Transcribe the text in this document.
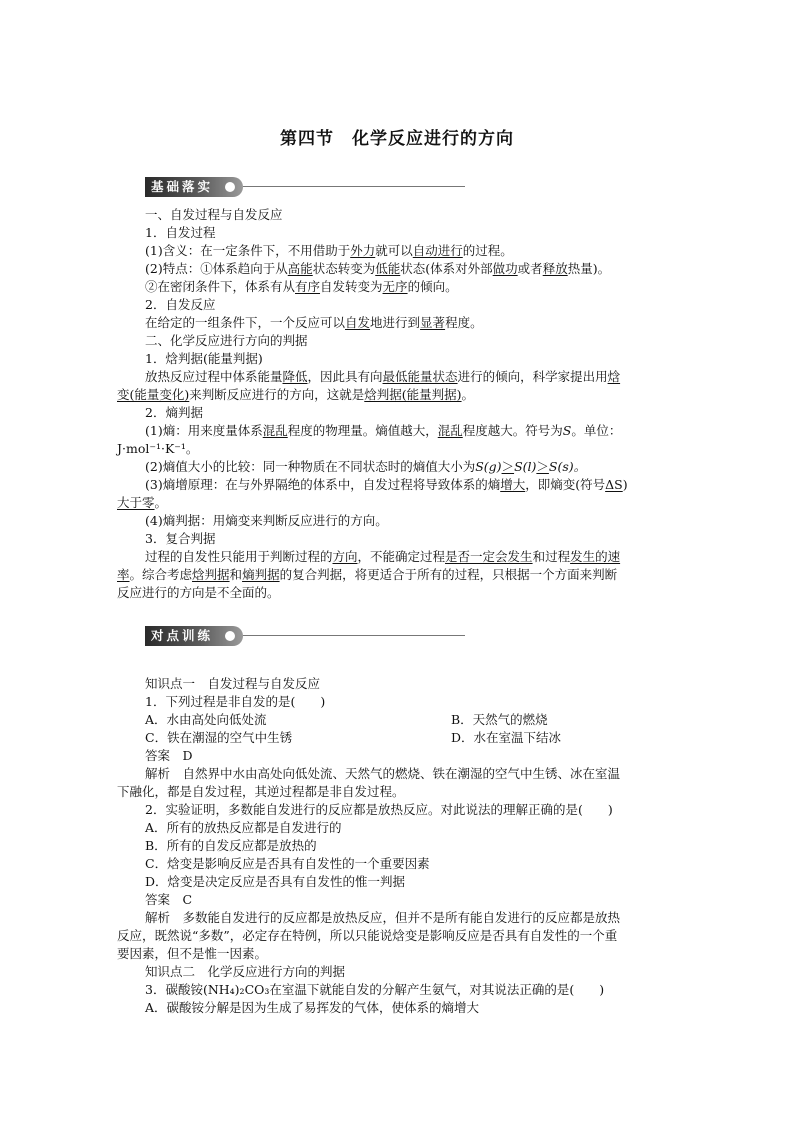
第四节　化学反应进行的方向
基础落实
一、自发过程与自发反应
1．自发过程
(1)含义：在一定条件下，不用借助于外力就可以自动进行的过程。
(2)特点：①体系趋向于从高能状态转变为低能状态(体系对外部做功或者释放热量)。
②在密闭条件下，体系有从有序自发转变为无序的倾向。
2．自发反应
在给定的一组条件下，一个反应可以自发地进行到显著程度。
二、化学反应进行方向的判据
1．焓判据(能量判据)
放热反应过程中体系能量降低，因此具有向最低能量状态进行的倾向，科学家提出用焓
变(能量变化)来判断反应进行的方向，这就是焓判据(能量判据)。
2．熵判据
(1)熵：用来度量体系混乱程度的物理量。熵值越大，混乱程度越大。符号为S。单位：
J·mol⁻¹·K⁻¹。
(2)熵值大小的比较：同一种物质在不同状态时的熵值大小为S(g)＞S(l)＞S(s)。
(3)熵增原理：在与外界隔绝的体系中，自发过程将导致体系的熵增大，即熵变(符号ΔS)
大于零。
(4)熵判据：用熵变来判断反应进行的方向。
3．复合判据
过程的自发性只能用于判断过程的方向，不能确定过程是否一定会发生和过程发生的速
率。综合考虑焓判据和熵判据的复合判据，将更适合于所有的过程，只根据一个方面来判断
反应进行的方向是不全面的。
对点训练
知识点一　自发过程与自发反应
1．下列过程是非自发的是(　　)
A．水由高处向低处流	B．天然气的燃烧
C．铁在潮湿的空气中生锈	D．水在室温下结冰
答案　D
解析　自然界中水由高处向低处流、天然气的燃烧、铁在潮湿的空气中生锈、冰在室温
下融化，都是自发过程，其逆过程都是非自发过程。
2．实验证明，多数能自发进行的反应都是放热反应。对此说法的理解正确的是(　　)
A．所有的放热反应都是自发进行的
B．所有的自发反应都是放热的
C．焓变是影响反应是否具有自发性的一个重要因素
D．焓变是决定反应是否具有自发性的惟一判据
答案　C
解析　多数能自发进行的反应都是放热反应，但并不是所有能自发进行的反应都是放热
反应，既然说“多数”，必定存在特例，所以只能说焓变是影响反应是否具有自发性的一个重
要因素，但不是惟一因素。
知识点二　化学反应进行方向的判据
3．碳酸铵(NH₄)₂CO₃在室温下就能自发的分解产生氨气，对其说法正确的是(　　)
A．碳酸铵分解是因为生成了易挥发的气体，使体系的熵增大
